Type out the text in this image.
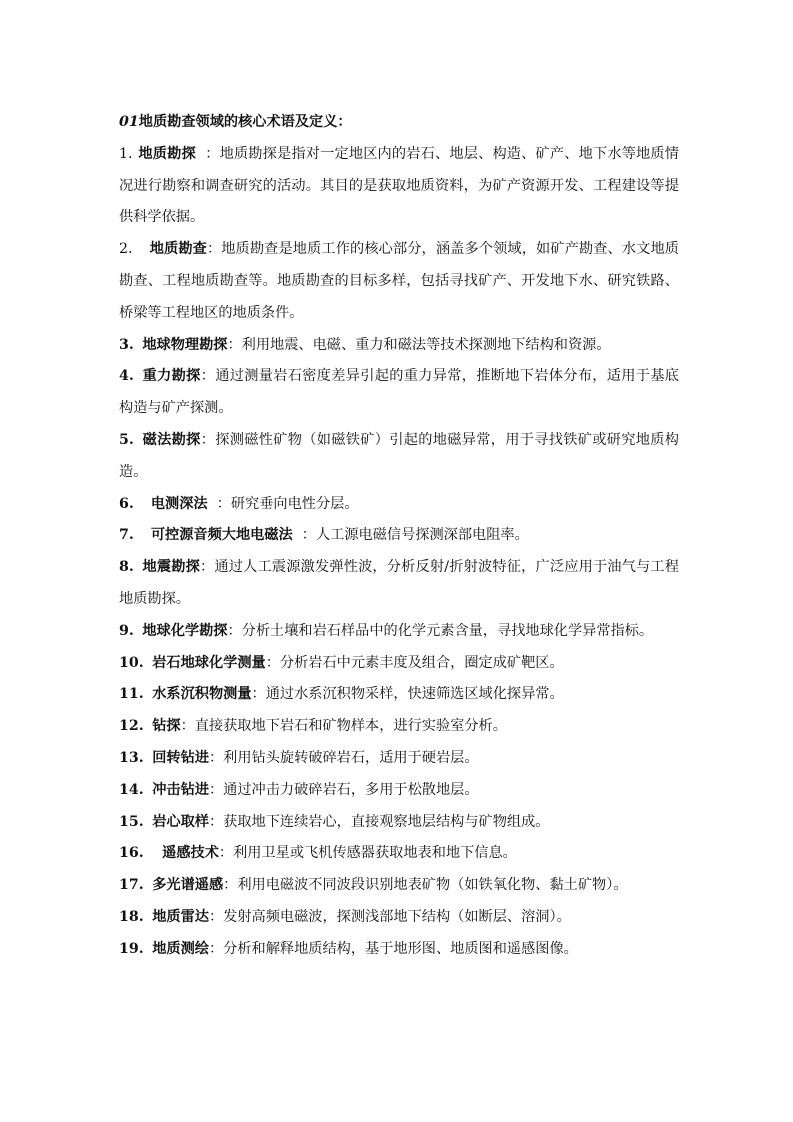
01地质勘查领域的核心术语及定义：

1. 地质勘探  ：地质勘探是指对一定地区内的岩石、地层、构造、矿产、地下水等地质情况进行勘察和调查研究的活动。其目的是获取地质资料，为矿产资源开发、工程建设等提供科学依据。

2. 地质勘查：地质勘查是地质工作的核心部分，涵盖多个领域，如矿产勘查、水文地质勘查、工程地质勘查等。地质勘查的目标多样，包括寻找矿产、开发地下水、研究铁路、桥梁等工程地区的地质条件。

3. 地球物理勘探：利用地震、电磁、重力和磁法等技术探测地下结构和资源。

4. 重力勘探：通过测量岩石密度差异引起的重力异常，推断地下岩体分布，适用于基底构造与矿产探测。

5. 磁法勘探：探测磁性矿物（如磁铁矿）引起的地磁异常，用于寻找铁矿或研究地质构造。

6. 电测深法  ：研究垂向电性分层。

7. 可控源音频大地电磁法  ：人工源电磁信号探测深部电阻率。

8. 地震勘探：通过人工震源激发弹性波，分析反射/折射波特征，广泛应用于油气与工程地质勘探。

9. 地球化学勘探：分析土壤和岩石样品中的化学元素含量，寻找地球化学异常指标。

10. 岩石地球化学测量：分析岩石中元素丰度及组合，圈定成矿靶区。

11. 水系沉积物测量：通过水系沉积物采样，快速筛选区域化探异常。

12. 钻探：直接获取地下岩石和矿物样本，进行实验室分析。

13. 回转钻进：利用钻头旋转破碎岩石，适用于硬岩层。

14. 冲击钻进：通过冲击力破碎岩石，多用于松散地层。

15. 岩心取样：获取地下连续岩心，直接观察地层结构与矿物组成。

16. 遥感技术：利用卫星或飞机传感器获取地表和地下信息。

17. 多光谱遥感：利用电磁波不同波段识别地表矿物（如铁氧化物、黏土矿物）。

18. 地质雷达：发射高频电磁波，探测浅部地下结构（如断层、溶洞）。

19. 地质测绘：分析和解释地质结构，基于地形图、地质图和遥感图像。
